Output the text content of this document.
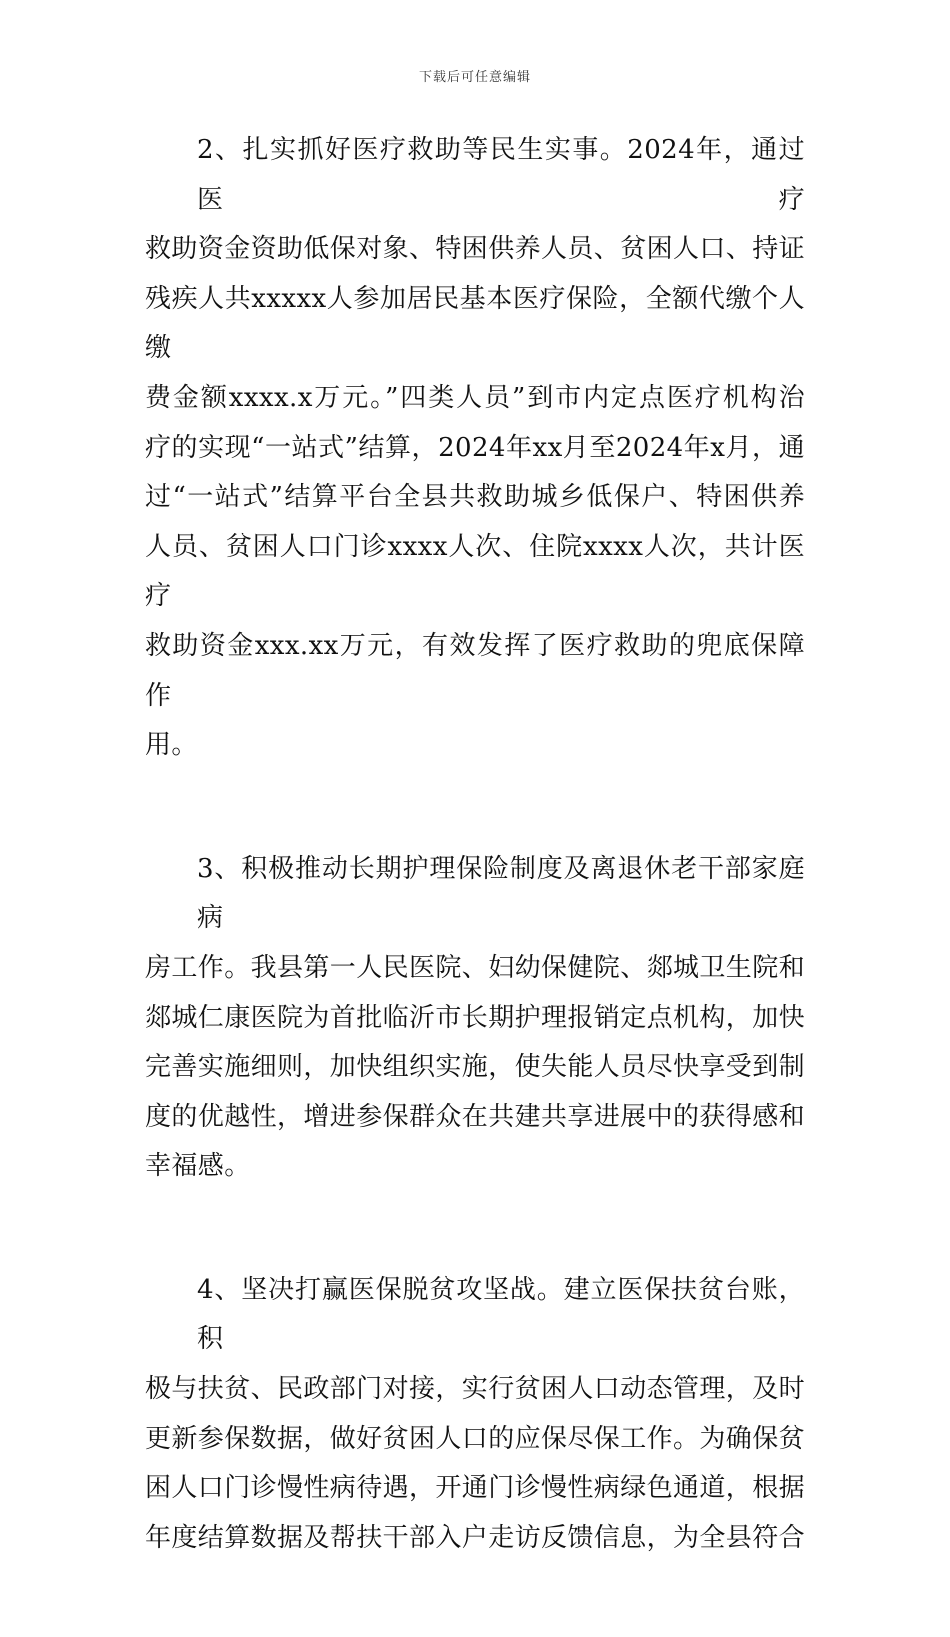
下载后可任意编辑
2、扎实抓好医疗救助等民生实事。2024年，通过医疗
救助资金资助低保对象、特困供养人员、贫困人口、持证
残疾人共xxxxx人参加居民基本医疗保险，全额代缴个人缴
费金额xxxx.x万元。”四类人员”到市内定点医疗机构治
疗的实现“一站式”结算，2024年xx月至2024年x月，通
过“一站式”结算平台全县共救助城乡低保户、特困供养
人员、贫困人口门诊xxxx人次、住院xxxx人次，共计医疗
救助资金xxx.xx万元，有效发挥了医疗救助的兜底保障作
用。
3、积极推动长期护理保险制度及离退休老干部家庭病
房工作。我县第一人民医院、妇幼保健院、郯城卫生院和
郯城仁康医院为首批临沂市长期护理报销定点机构，加快
完善实施细则，加快组织实施，使失能人员尽快享受到制
度的优越性，增进参保群众在共建共享进展中的获得感和
幸福感。
4、坚决打赢医保脱贫攻坚战。建立医保扶贫台账，积
极与扶贫、民政部门对接，实行贫困人口动态管理，及时
更新参保数据，做好贫困人口的应保尽保工作。为确保贫
困人口门诊慢性病待遇，开通门诊慢性病绿色通道，根据
年度结算数据及帮扶干部入户走访反馈信息，为全县符合
